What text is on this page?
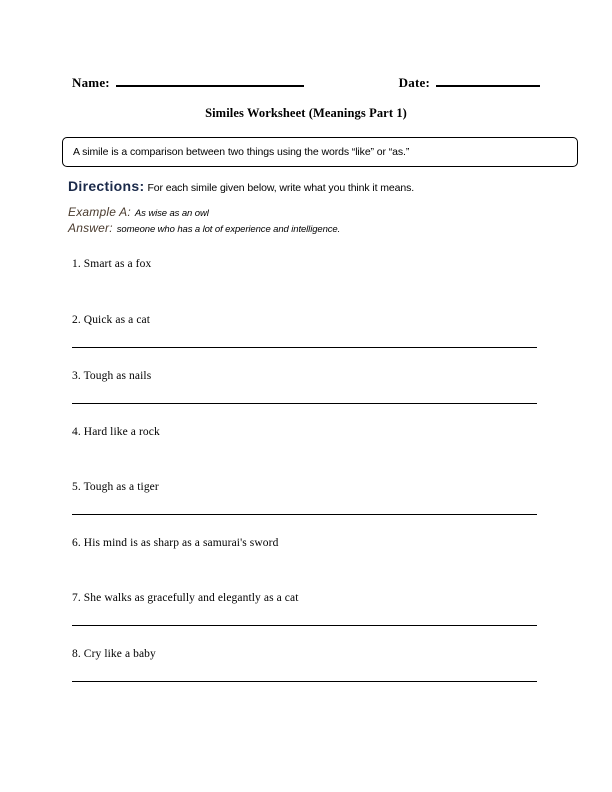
Name:	Date:
Similes Worksheet (Meanings Part 1)
A simile is a comparison between two things using the words “like” or “as.”
Directions: For each simile given below, write what you think it means.
Example A: As wise as an owl
Answer: someone who has a lot of experience and intelligence.
1. Smart as a fox
2. Quick as a cat
3. Tough as nails
4. Hard like a rock
5. Tough as a tiger
6. His mind is as sharp as a samurai's sword
7. She walks as gracefully and elegantly as a cat
8. Cry like a baby
